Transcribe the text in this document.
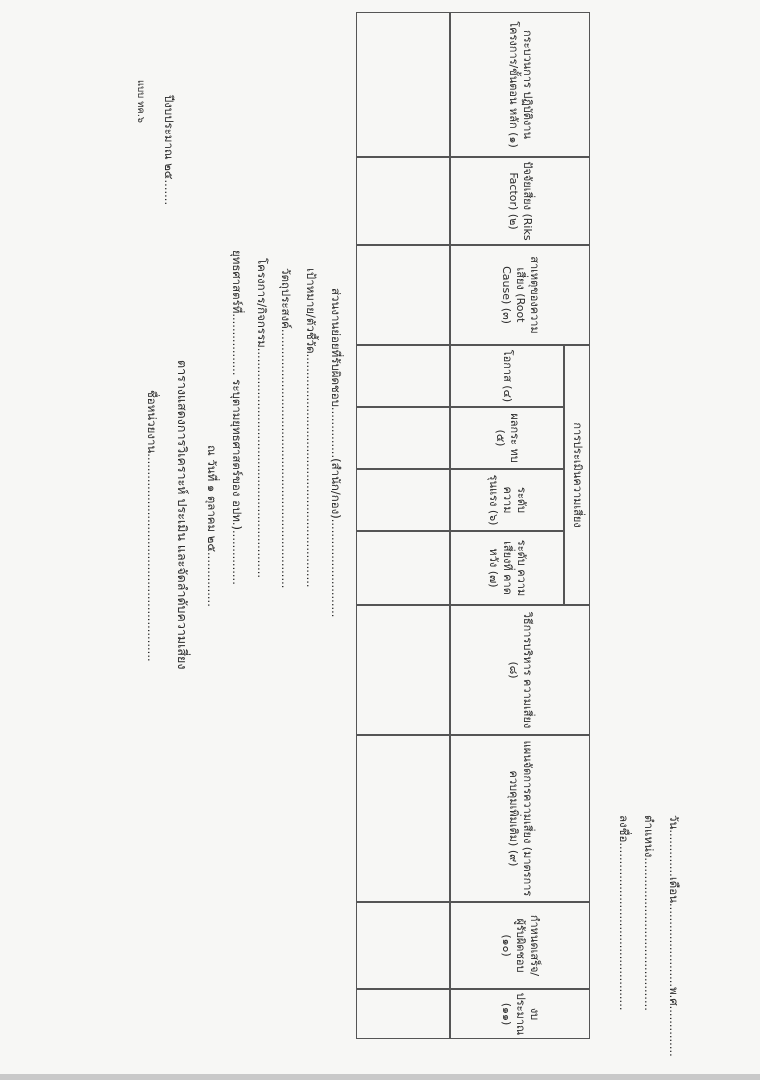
แบบ ทค.๖ ปีงบประมาณ ๒๕.......
ชื่อหน่วยงาน......................................................... ตารางแสดงการวิเคราะห์ ประเมิน และจัดลำดับความเสี่ยง ณ วันที่ ๑ ตุลาคม ๒๕............... ยุทธศาสตร์ที่................. ระบุตามยุทธศาสตร์ของ อปท.)............... โครงการ/กิจกรรม............................................................... วัตถุประสงค์....................................................................... เป้าหมาย/ตัวชี้วัด................................................................ ส่วนงานย่อยที่รับผิดชอบ..............(สำนัก/กอง)...........................
กระบวนการ ปฏิบัติงาน โครงการ/ขั้นตอน หลัก (๑)
ปัจจัยเสี่ยง (Riks Factor) (๒)
สาเหตุของความ เสี่ยง (Root Cause) (๓)
การประเมินความเสี่ยง
โอกาส (๔)
ผลกระ ทบ (๕)
ระดับ ความ รุนแรง (๖)
ระดับ ความ เสี่ยงที่ คาดหวัง (๗)
วิธีการบริหาร ความเสี่ยง (๘)
แผนจัดการความเสี่ยง (มาตรการควบคุมเพิ่มเติม) (๙)
กำหนดเสร็จ/ ผู้รับผิดชอบ (๑๐)
งบประมาณ (๑๑)
ลงชื่อ.............................................. ตำแหน่ง.......................................... วัน.............เดือน.......................พ.ศ..............
